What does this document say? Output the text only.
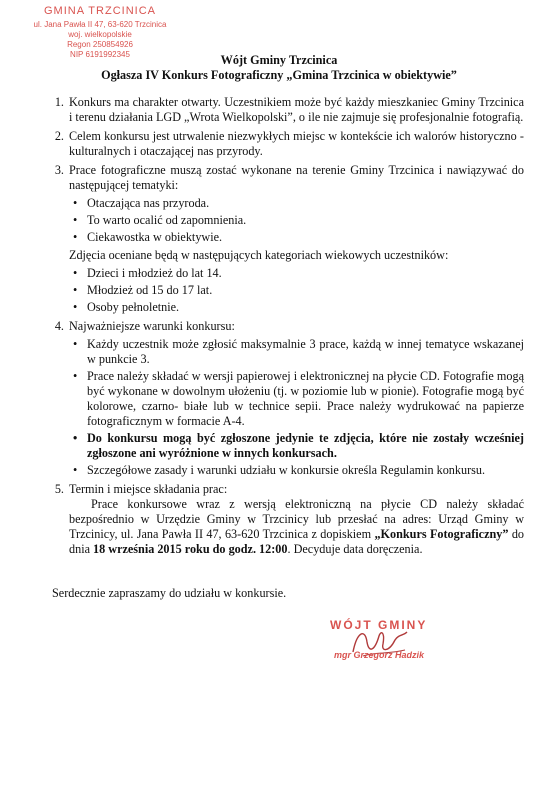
GMINA TRZCINICA
ul. Jana Pawła II 47, 63-620 Trzcinica
woj. wielkopolskie
Regon 250854926
NIP 6191992345	Wójt Gminy Trzcinica
Ogłasza IV Konkurs Fotograficzny „Gmina Trzcinica w obiektywie”
1. Konkurs ma charakter otwarty. Uczestnikiem może być każdy mieszkaniec Gminy Trzcinica i terenu działania LGD „Wrota Wielkopolski”, o ile nie zajmuje się profesjonalnie fotografią.
2. Celem konkursu jest utrwalenie niezwykłych miejsc w kontekście ich walorów historyczno - kulturalnych i otaczającej nas przyrody.
3. Prace fotograficzne muszą zostać wykonane na terenie Gminy Trzcinica i nawiązywać do następującej tematyki:
• Otaczająca nas przyroda.
• To warto ocalić od zapomnienia.
• Ciekawostka w obiektywie.
Zdjęcia oceniane będą w następujących kategoriach wiekowych uczestników:
• Dzieci i młodzież do lat 14.
• Młodzież od 15 do 17 lat.
• Osoby pełnoletnie.
4. Najważniejsze warunki konkursu:
• Każdy uczestnik może zgłosić maksymalnie 3 prace, każdą w innej tematyce wskazanej w punkcie 3.
• Prace należy składać w wersji papierowej i elektronicznej na płycie CD. Fotografie mogą być wykonane w dowolnym ułożeniu (tj. w poziomie lub w pionie). Fotografie mogą być kolorowe, czarno- białe lub w technice sepii. Prace należy wydrukować na papierze fotograficznym w formacie A-4.
• Do konkursu mogą być zgłoszone jedynie te zdjęcia, które nie zostały wcześniej zgłoszone ani wyróżnione w innych konkursach.
• Szczegółowe zasady i warunki udziału w konkursie określa Regulamin konkursu.
5. Termin i miejsce składania prac:
Prace konkursowe wraz z wersją elektroniczną na płycie CD należy składać bezpośrednio w Urzędzie Gminy w Trzcinicy lub przesłać na adres: Urząd Gminy w Trzcinicy, ul. Jana Pawła II 47, 63-620 Trzcinica z dopiskiem „Konkurs Fotograficzny” do dnia 18 września 2015 roku do godz. 12:00. Decyduje data doręczenia.
Serdecznie zapraszamy do udziału w konkursie.
WÓJT GMINY
mgr Grzegorz Hadzik
